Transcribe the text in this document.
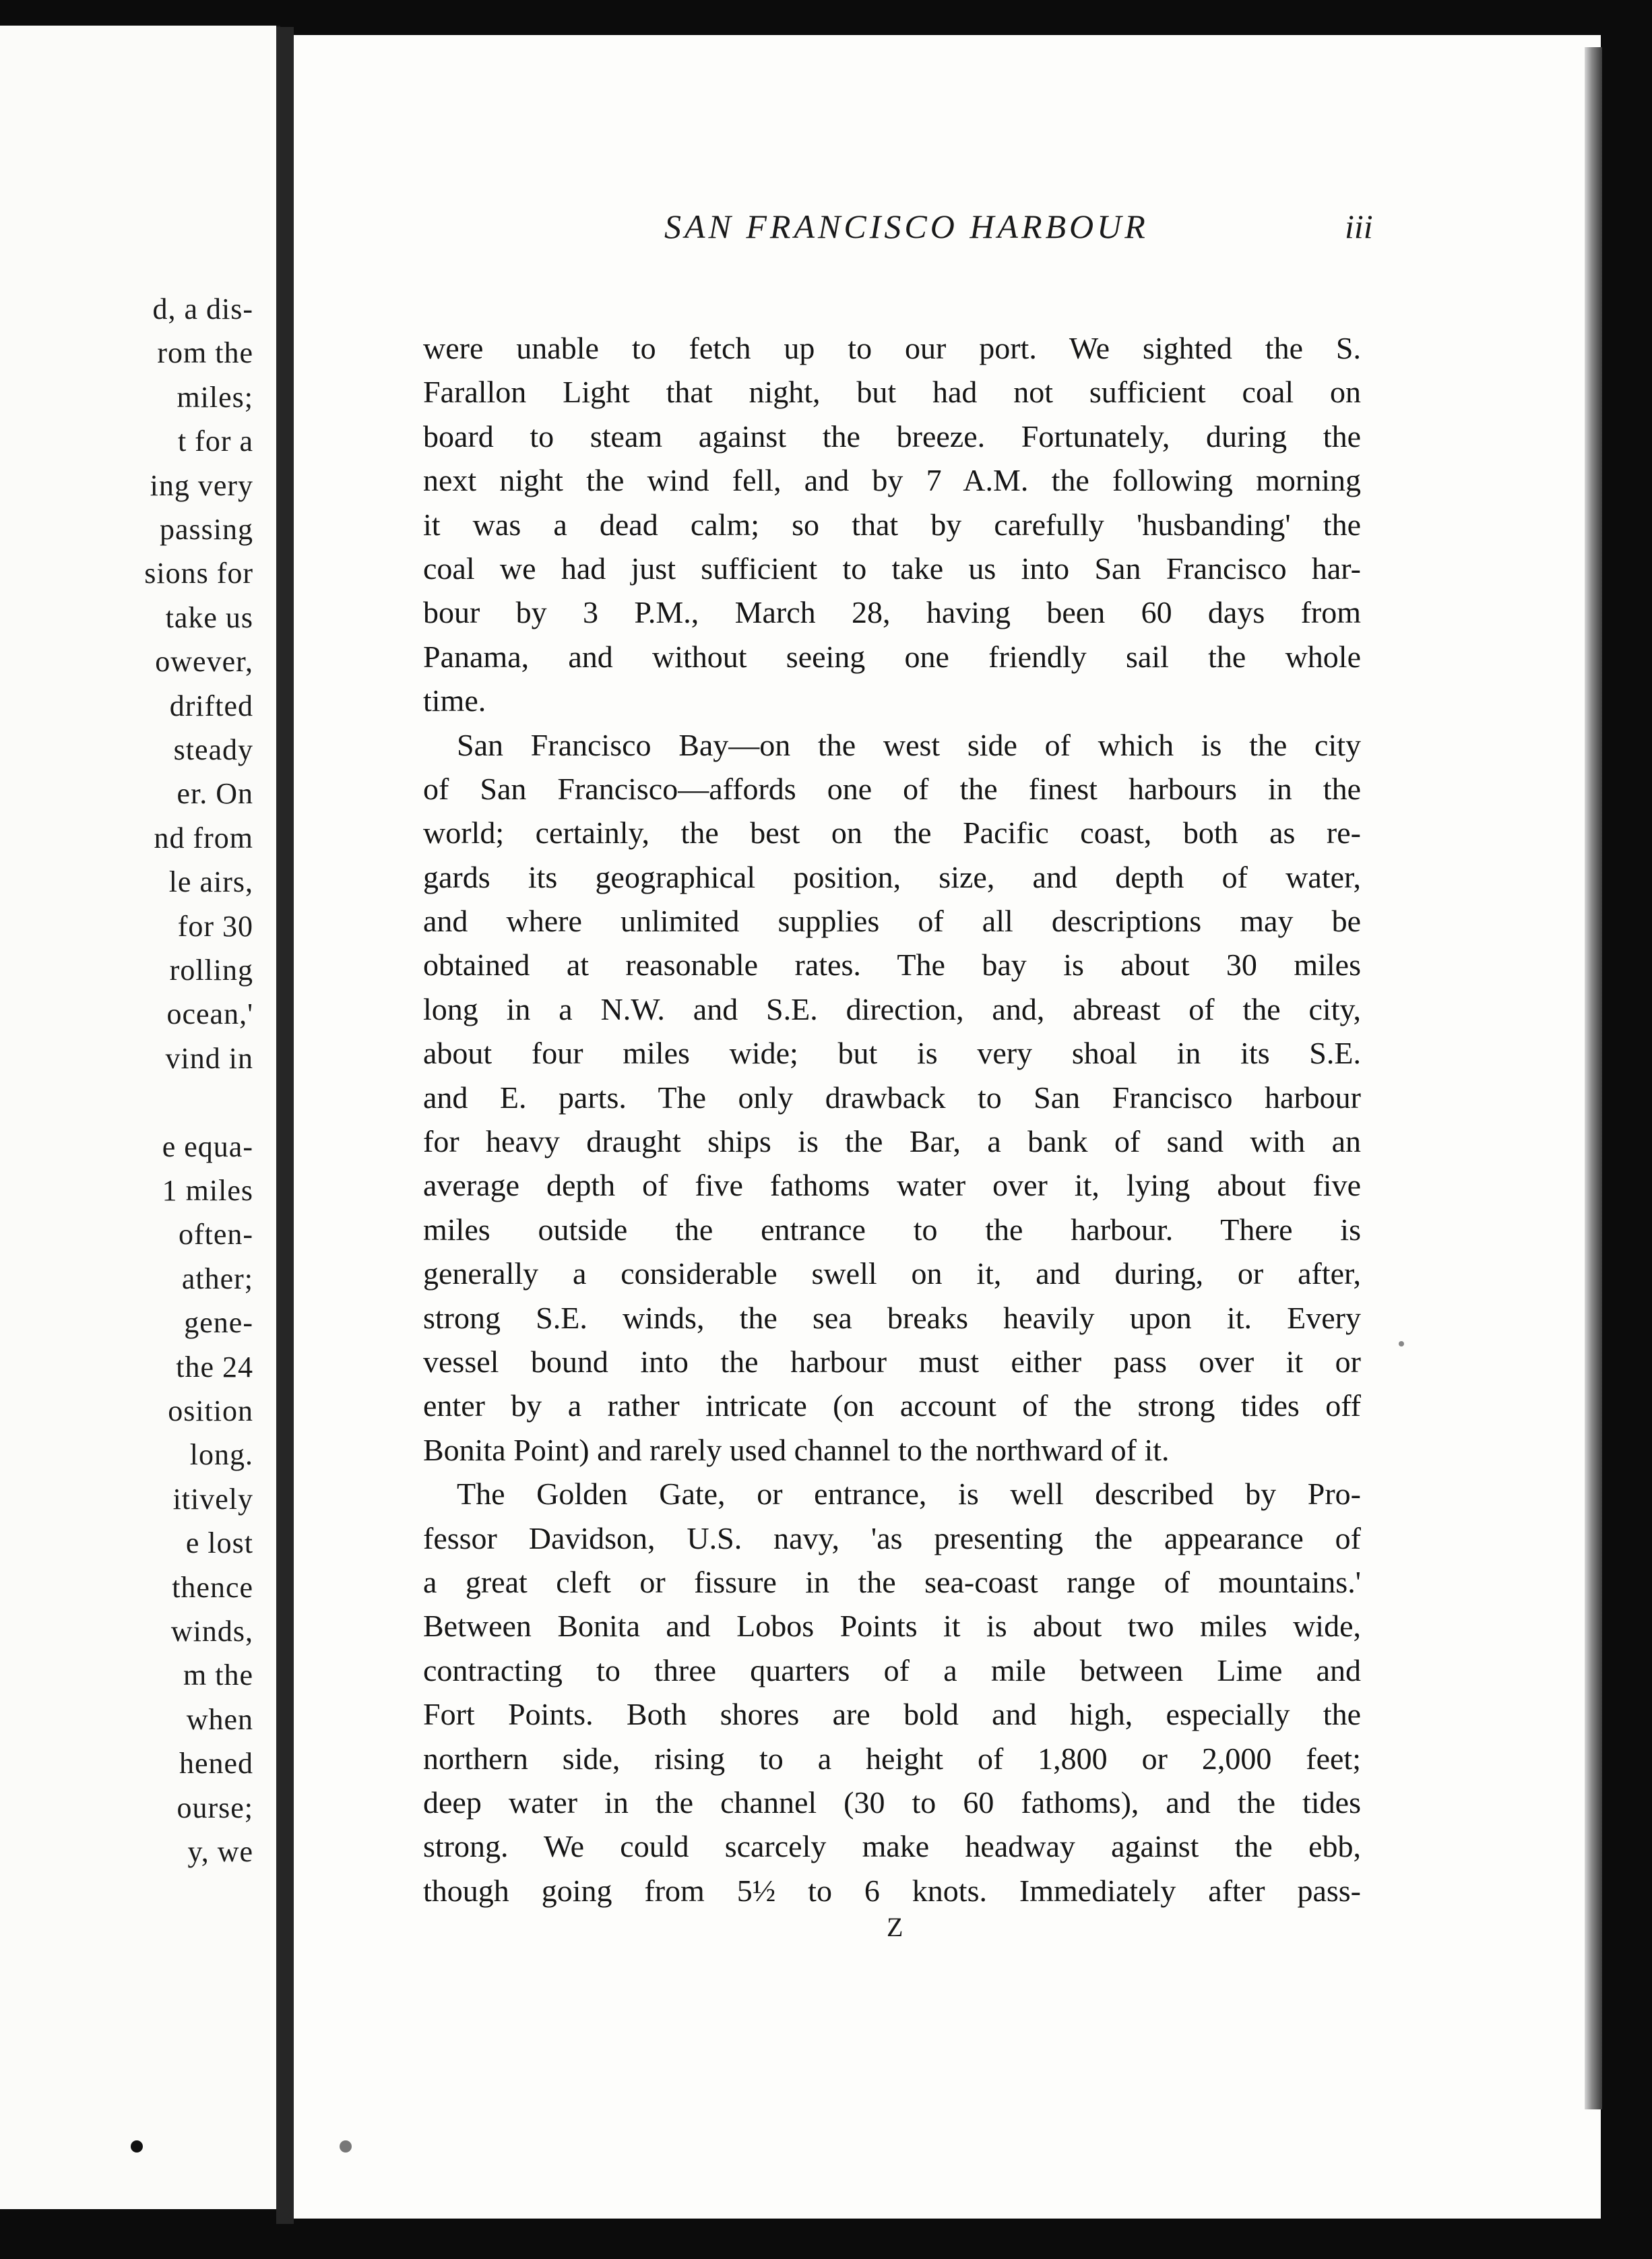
d, a dis-
rom the
miles;
t for a
ing very
passing
sions for
take us
owever,
drifted
steady
er. On
nd from
le airs,
for 30
rolling
ocean,'
vind in
e equa-
1 miles
often-
ather;
gene-
the 24
osition
long.
itively
e lost
thence
winds,
m the
when
hened
ourse;
y, we
SAN FRANCISCO HARBOUR	iii
were unable to fetch up to our port. We sighted the S.
Farallon Light that night, but had not sufficient coal on
board to steam against the breeze. Fortunately, during the
next night the wind fell, and by 7 A.M. the following morning
it was a dead calm; so that by carefully 'husbanding' the
coal we had just sufficient to take us into San Francisco har-
bour by 3 P.M., March 28, having been 60 days from
Panama, and without seeing one friendly sail the whole
time.
San Francisco Bay—on the west side of which is the city
of San Francisco—affords one of the finest harbours in the
world; certainly, the best on the Pacific coast, both as re-
gards its geographical position, size, and depth of water,
and where unlimited supplies of all descriptions may be
obtained at reasonable rates. The bay is about 30 miles
long in a N.W. and S.E. direction, and, abreast of the city,
about four miles wide; but is very shoal in its S.E.
and E. parts. The only drawback to San Francisco harbour
for heavy draught ships is the Bar, a bank of sand with an
average depth of five fathoms water over it, lying about five
miles outside the entrance to the harbour. There is
generally a considerable swell on it, and during, or after,
strong S.E. winds, the sea breaks heavily upon it. Every
vessel bound into the harbour must either pass over it or
enter by a rather intricate (on account of the strong tides off
Bonita Point) and rarely used channel to the northward of it.
The Golden Gate, or entrance, is well described by Pro-
fessor Davidson, U.S. navy, 'as presenting the appearance of
a great cleft or fissure in the sea-coast range of mountains.'
Between Bonita and Lobos Points it is about two miles wide,
contracting to three quarters of a mile between Lime and
Fort Points. Both shores are bold and high, especially the
northern side, rising to a height of 1,800 or 2,000 feet;
deep water in the channel (30 to 60 fathoms), and the tides
strong. We could scarcely make headway against the ebb,
though going from 5½ to 6 knots. Immediately after pass-
Z
